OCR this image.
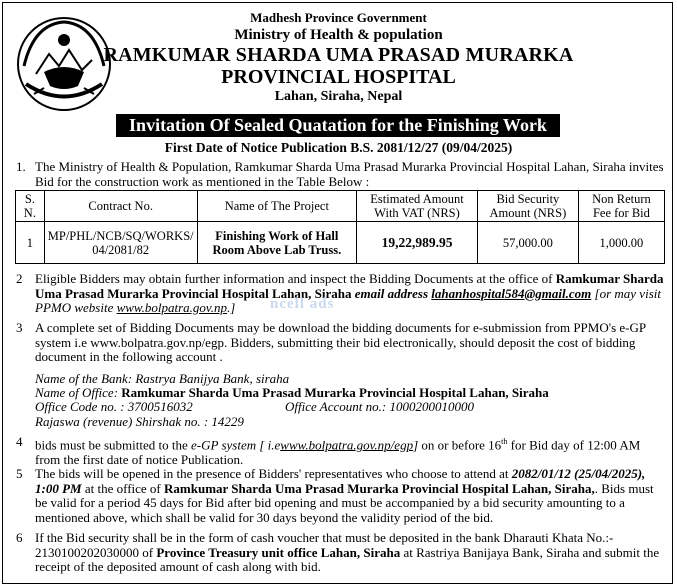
Madhesh Province Government
Ministry of Health & population
RAMKUMAR SHARDA UMA PRASAD MURARKA
PROVINCIAL HOSPITAL
Lahan, Siraha, Nepal
Invitation Of Sealed Quatation for the Finishing Work
First Date of Notice Publication B.S. 2081/12/27 (09/04/2025)
1. The Ministry of Health & Population, Ramkumar Sharda Uma Prasad Murarka Provincial Hospital Lahan, Siraha invites Bid for the construction work as mentioned in the Table Below :
S. N.	Contract No.	Name of The Project	Estimated Amount With VAT (NRS)	Bid Security Amount (NRS)	Non Return Fee for Bid
1	MP/PHL/NCB/SQ/WORKS/ 04/2081/82	Finishing Work of Hall Room Above Lab Truss.	19,22,989.95	57,000.00	1,000.00
2 Eligible Bidders may obtain further information and inspect the Bidding Documents at the office of Ramkumar Sharda Uma Prasad Murarka Provincial Hospital Lahan, Siraha email address lahanhospital584@gmail.com [or may visit PPMO website www.bolpatra.gov.np.]	ncell ads
3 A complete set of Bidding Documents may be download the bidding documents for e-submission from PPMO's e-GP system i.e www.bolpatra.gov.np/egp. Bidders, submitting their bid electronically, should deposit the cost of bidding document in the following account .
Name of the Bank: Rastrya Banijya Bank, siraha
Name of Office: Ramkumar Sharda Uma Prasad Murarka Provincial Hospital Lahan, Siraha
Office Code no. : 3700516032	Office Account no.: 1000200010000
Rajaswa (revenue) Shirshak no. : 14229
4 bids must be submitted to the e-GP system [ i.ewww.bolpatra.gov.np/egp] on or before 16th for Bid day of 12:00 AM from the first date of notice Publication.
5 The bids will be opened in the presence of Bidders' representatives who choose to attend at 2082/01/12 (25/04/2025), 1:00 PM at the office of Ramkumar Sharda Uma Prasad Murarka Provincial Hospital Lahan, Siraha,. Bids must be valid for a period 45 days for Bid after bid opening and must be accompanied by a bid security amounting to a mentioned above, which shall be valid for 30 days beyond the validity period of the bid.
6 If the Bid security shall be in the form of cash voucher that must be deposited in the bank Dharauti Khata No.:- 2130100202030000 of Province Treasury unit office Lahan, Siraha at Rastriya Banijaya Bank, Siraha and submit the receipt of the deposited amount of cash along with bid.
